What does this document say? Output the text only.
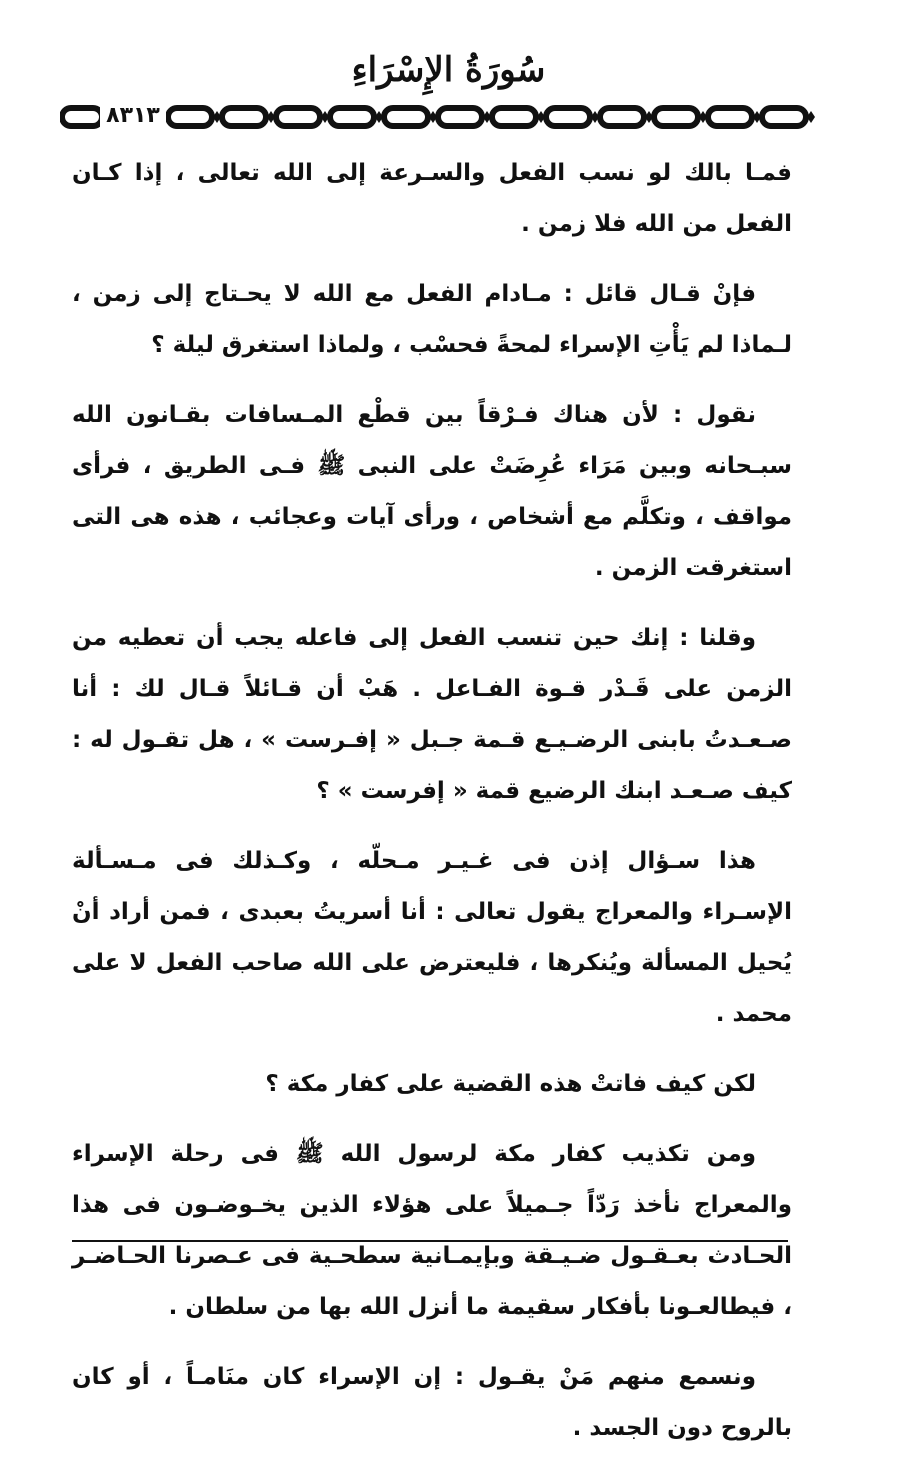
سُورَةُ الإِسْرَاءِ
٨٣١٣

فمـا بالك لو نسب الفعل والسـرعة إلى الله تعالى ، إذا كـان الفعل من الله فلا زمن .

فإنْ قـال قائل : مـادام الفعل مع الله لا يحـتاج إلى زمن ، لـماذا لم يَأْتِ الإسراء لمحةً فحسْب ، ولماذا استغرق ليلة ؟

نقول : لأن هناك فـرْقاً بين قطْع المـسافات بقـانون الله سبـحانه وبين مَرَاء عُرِضَتْ على النبى ﷺ فـى الطريق ، فرأى مواقف ، وتكلَّم مع أشخاص ، ورأى آيات وعجائب ، هذه هى التى استغرقت الزمن .

وقلنا : إنك حين تنسب الفعل إلى فاعله يجب أن تعطيه من الزمن على قَـدْر قـوة الفـاعل . هَبْ أن قـائلاً قـال لك : أنا صـعـدتُ بابنى الرضـيـع قـمة جـبل « إفـرست » ، هل تقـول له : كيف صـعـد ابنك الرضيع قمة « إفرست » ؟

هذا سـؤال إذن فى غـيـر مـحلّه ، وكـذلك فى مـسـألة الإسـراء والمعراج يقول تعالى : أنا أسريتُ بعبدى ، فمن أراد أنْ يُحيل المسألة ويُنكرها ، فليعترض على الله صاحب الفعل لا على محمد .

لكن كيف فاتتْ هذه القضية على كفار مكة ؟

ومن تكذيب كفار مكة لرسول الله ﷺ فى رحلة الإسراء والمعراج نأخذ رَدّاً جـميلاً على هؤلاء الذين يخـوضـون فى هذا الحـادث بعـقـول ضـيـقة وبإيمـانية سطحـية فى عـصرنا الحـاضـر ، فيطالعـونا بأفكار سقيمة ما أنزل الله بها من سلطان .

ونسمع منهم مَنْ يقـول : إن الإسراء كان منَامـاً ، أو كان بالروح دون الجسد .
